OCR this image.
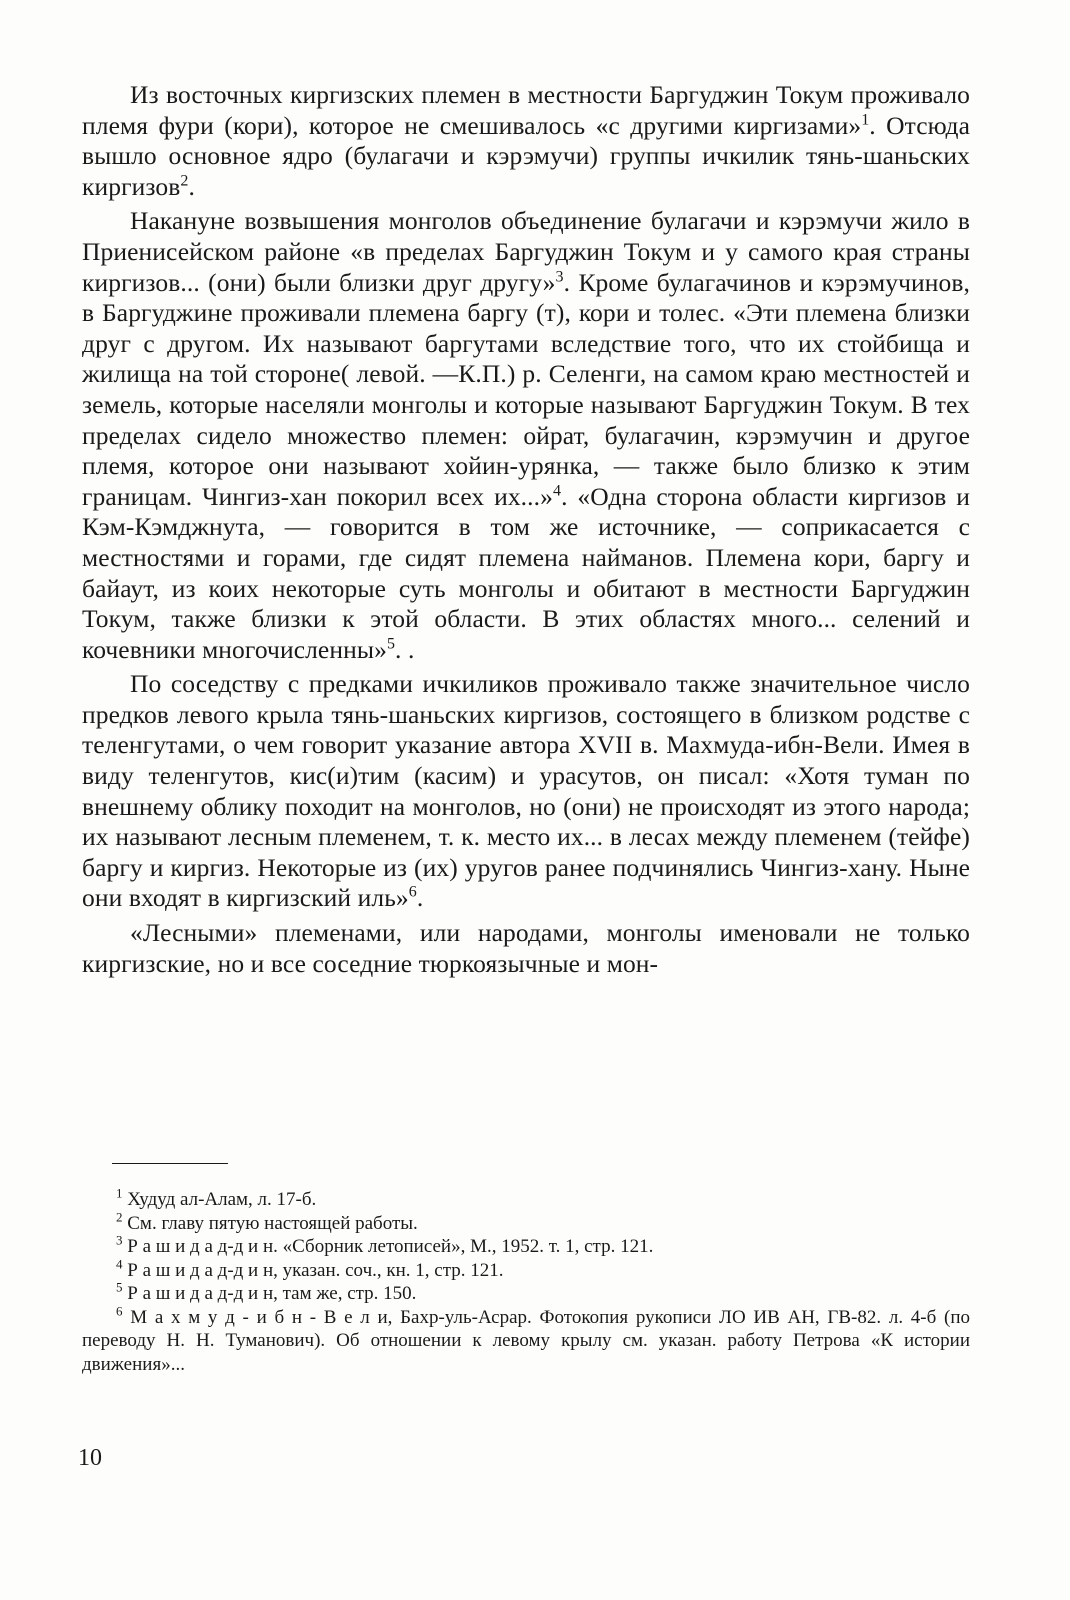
Из восточных киргизских племен в местности Баргуджин Токум проживало племя фури (кори), которое не смешивалось «с другими киргизами»$^1$. Отсюда вышло основное ядро (булагачи и кэрэмучи) группы ичкилик тянь-шаньских киргизов$^2$.

Накануне возвышения монголов объединение булагачи и кэрэмучи жило в Приенисейском районе «в пределах Баргуджин Токум и у самого края страны киргизов... (они) были близки друг другу»$^3$. Кроме булагачинов и кэрэмучинов, в Баргуджине проживали племена баргу (т), кори и толес. «Эти племена близки друг с другом. Их называют баргутами вследствие того, что их стойбища и жилища на той стороне( левой. —К.П.) р. Селенги, на самом краю местностей и земель, которые населяли монголы и которые называют Баргуджин Токум. В тех пределах сидело множество племен: ойрат, булагачин, кэрэмучин и другое племя, которое они называют хойин-урянка, — также было близко к этим границам. Чингиз-хан покорил всех их...»$^4$. «Одна сторона области киргизов и Кэм-Кэмджнута, — говорится в том же источнике, — соприкасается с местностями и горами, где сидят племена найманов. Племена кори, баргу и байаут, из коих некоторые суть монголы и обитают в местности Баргуджин Токум, также близки к этой области. В этих областях много... селений и кочевники многочисленны»$^5$. .

По соседству с предками ичкиликов проживало также значительное число предков левого крыла тянь-шаньских киргизов, состоящего в близком родстве с теленгутами, о чем говорит указание автора XVII в. Махмуда-ибн-Вели. Имея в виду теленгутов, кис(и)тим (касим) и урасутов, он писал: «Хотя туман по внешнему облику походит на монголов, но (они) не происходят из этого народа; их называют лесным племенем, т. к. место их... в лесах между племенем (тейфе) баргу и киргиз. Некоторые из (их) уругов ранее подчинялись Чингиз-хану. Ныне они входят в киргизский иль»$^6$.

«Лесными» племенами, или народами, монголы именовали не только киргизские, но и все соседние тюркоязычные и мон-

$^1$ Худуд ал-Алам, л. 17-б.

$^2$ См. главу пятую настоящей работы.

$^3$ Р а ш и д а д-д и н. «Сборник летописей», М., 1952. т. 1, стр. 121.

$^4$ Р а ш и д а д-д и н, указан. соч., кн. 1, стр. 121.

$^5$ Р а ш и д а д-д и н, там же, стр. 150.

$^6$ М а х м у д - и б н - В е л и, Бахр-уль-Асрар. Фотокопия рукописи ЛО ИВ АН, ГВ-82. л. 4-б (по переводу Н. Н. Туманович). Об отношении к левому крылу см. указан. работу Петрова «К истории движения»...

10
